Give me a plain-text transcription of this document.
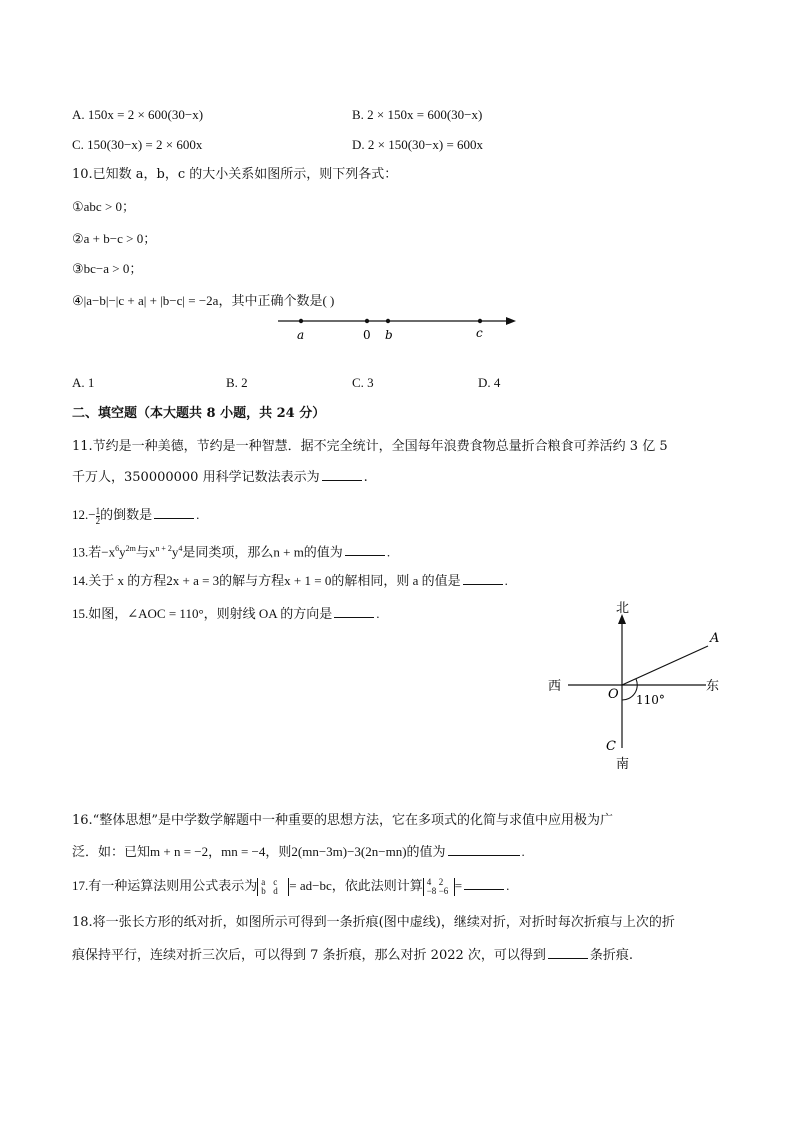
A. 150x = 2 × 600(30−x)	B. 2 × 150x = 600(30−x)
C. 150(30−x) = 2 × 600x	D. 2 × 150(30−x) = 600x
10.已知数 a，b，c 的大小关系如图所示，则下列各式：
①abc > 0；
②a + b−c > 0；
③bc−a > 0；
④|a−b|−|c + a| + |b−c| = −2a，其中正确个数是( )
a	0 b	c
A. 1	B. 2	C. 3	D. 4
二、填空题（本大题共 8 小题，共 24 分）
11.节约是一种美德，节约是一种智慧．据不完全统计，全国每年浪费食物总量折合粮食可养活约 3 亿 5
千万人，350000000 用科学记数法表示为	.
$12.- \frac{1}{2}$ 的倒数是	.
13.若$-x^6y^{2m}$与$x^{n + 2}y^4$是同类项，那么n + m的值为	.
14.关于 x 的方程2x + a = 3的解与方程x + 1 = 0的解相同，则 a 的值是	.
15.如图，∠AOC = 110°，则射线 OA 的方向是	.	北
南
西	东
A
O
C
110°
16.“整体思想”是中学数学解题中一种重要的思想方法，它在多项式的化简与求值中应用极为广
泛．如：已知m + n = −2，mn = −4，则2(mn−3m)−3(2n−mn)的值为	.
17.有一种运算法则用公式表示为 a c
b d = ad−bc，依此法则计算 4 2
−8 −6 =	.
18.将一张长方形的纸对折，如图所示可得到一条折痕(图中虚线)，继续对折，对折时每次折痕与上次的折
痕保持平行，连续对折三次后，可以得到 7 条折痕，那么对折 2022 次，可以得到	条折痕.
